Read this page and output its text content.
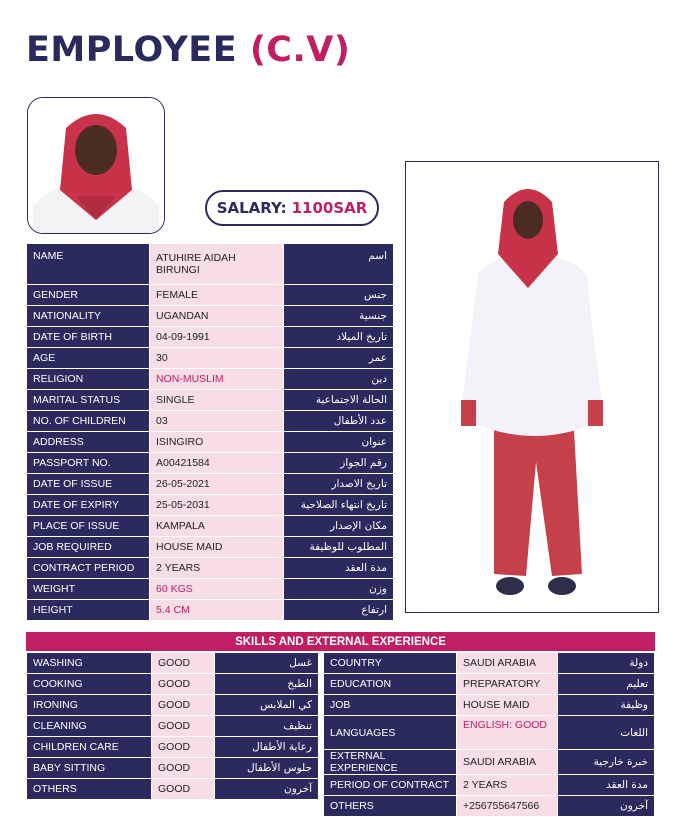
EMPLOYEE (C.V)
SALARY: 1100SAR
NAME	ATUHIRE AIDAH BIRUNGI	اسم
GENDER	FEMALE	جنس
NATIONALITY	UGANDAN	جنسية
DATE OF BIRTH	04-09-1991	تاريخ الميلاد
AGE	30	عمر
RELIGION	NON-MUSLIM	دين
MARITAL STATUS	SINGLE	الحالة الاجتماعية
NO. OF CHILDREN	03	عدد الأطفال
ADDRESS	ISINGIRO	عنوان
PASSPORT NO.	A00421584	رقم الجواز
DATE OF ISSUE	26-05-2021	تاريخ الاصدار
DATE OF EXPIRY	25-05-2031	تاريخ انتهاء الصلاحية
PLACE OF ISSUE	KAMPALA	مكان الإصدار
JOB REQUIRED	HOUSE MAID	المطلوب للوظيفة
CONTRACT PERIOD	2 YEARS	مدة العقد
WEIGHT	60 KGS	وزن
HEIGHT	5.4 CM	ارتفاع
SKILLS AND EXTERNAL EXPERIENCE
WASHING	GOOD	غسل
COOKING	GOOD	الطبخ
IRONING	GOOD	كي الملابس
CLEANING	GOOD	تنظيف
CHILDREN CARE	GOOD	رعاية الأطفال
BABY SITTING	GOOD	جلوس الأطفال
OTHERS	GOOD	آخرون
COUNTRY	SAUDI ARABIA	دولة
EDUCATION	PREPARATORY	تعليم
JOB	HOUSE MAID	وظيفة
LANGUAGES	ENGLISH: GOOD	اللغات
EXTERNAL EXPERIENCE	SAUDI ARABIA	خبرة خارجية
PERIOD OF CONTRACT	2 YEARS	مدة العقد
OTHERS	+256755647566	آخرون
